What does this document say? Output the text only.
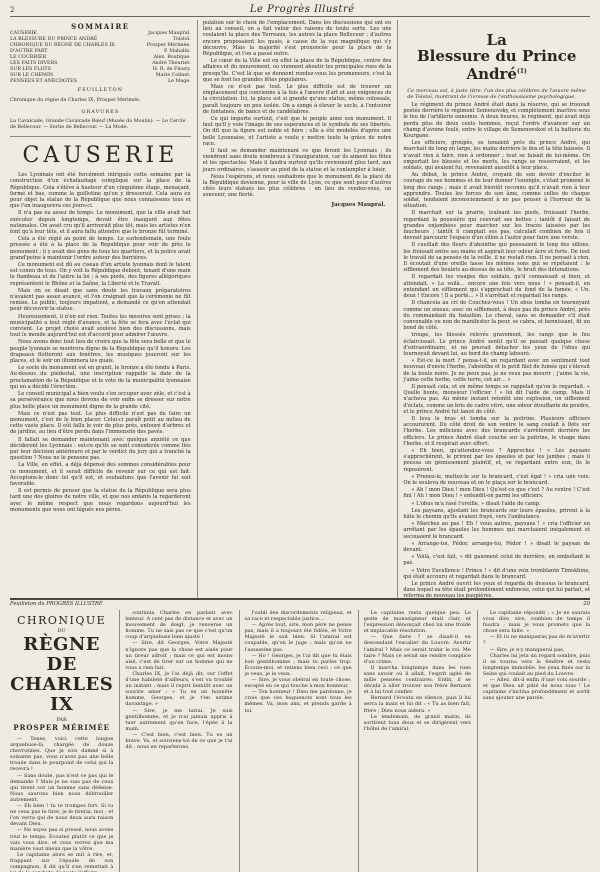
2	Le Progrès Illustré
SOMMAIRE
CAUSERIE	Jacques Maupral.
LA BLESSURE DU PRINCE ANDRÉ	Tolstoï.
CHRONIQUE DU RÈGNE DE CHARLES IX	Prosper Mérimée.
D'AUTRE PART	P. Mahalin.
LE COURRIER	Alex. Boutique.
LES FAITS DIVERS	André Theuriet.
SUR LES FLOTS	H. R. de Fleury.
SUR LE CHEMIN	Marie Colinet.
PENSÉES ET ANECDOTES	Le Mage.
FEUILLETON

Chronique du règne de Charles IX, Prosper Mérimée.

GRAVURES

La Cavalcade, Grande Cavalcade Bœuf (Musée du Moulin). — Le Cercle de Bellecour. — Sortie de Bellecour. — La Mode.

CAUSERIE

Les Lyonnais ont été forcément intrigués cette semaine par la construction d'un échafaudage compliqué sur la place de la République. Cela s'élève à hauteur d'un cinquième étage, menaçant, fermé et bas, comme la guillotine qu'on y dresserait. Cela aura eu pour objet la statue de la République que nous connaissons tous et que l'on inaugurera ces jours-ci.

Il n'a pas eu assez de temps. Le monument, que la ville avait fait exécuter depuis longtemps, devait être inauguré aux fêtes nationales. On avait cru qu'il arriverait plus tôt, mais les artistes n'en font qu'à leur tête, et il aura fallu attendre que le bronze fût terminé.

Cela a été réglé au point de temps. Le surlendemain, une foule pressée a été à la place de la République pour voir de près le monument ; il y avait des gens de tous les quartiers, et la police avait grand'peine à maintenir l'ordre autour des barrières.

Ce monument est dû au ciseau d'un artiste lyonnais dont le talent est connu de tous. On y voit la République debout, tenant d'une main le flambeau et de l'autre la loi ; à ses pieds, des figures allégoriques représentent le Rhône et la Saône, la Liberté et le Travail.

Mais on se disait que sans doute les travaux préparatoires n'avaient pas assez avancé, et l'on craignait que la cérémonie ne fût remise. Le public, toujours impatient, a demandé ce qu'on attendait pour découvrir la statue.

Heureusement, il n'en est rien. Toutes les mesures sont prises ; la municipalité a tout réglé d'avance, et la fête se fera avec l'éclat qui convient. Le projet choisi avait soulevé bien des discussions, mais tout le monde aujourd'hui est d'accord pour admirer l'œuvre.

Nous avons donc tout lieu de croire que la fête sera belle et que le peuple lyonnais se montrera digne de la République qu'il honore. Les drapeaux flotteront aux fenêtres, les musiques joueront sur les places, et le soir on illuminera les quais.

Le socle du monument est en granit, le bronze a été fondu à Paris. Au-dessus du piédestal, une inscription rappelle la date de la proclamation de la République et le vote de la municipalité lyonnaise qui en a décidé l'érection.

Le conseil municipal a bien voulu s'en occuper avec zèle, et c'est à sa persévérance que nous devons de voir enfin se dresser sur notre plus belle place un monument digne de la grande cité.

Mais ce n'est pas tout. Le plus difficile n'est pas de faire un monument, c'est de le bien placer. Celui-ci paraît petit au milieu de cette vaste place. Il eût fallu le voir de plus près, entouré d'arbres et de jardins, au lieu d'être perdu dans l'immensité des pavés.

Il fallait se demander maintenant avec quelque anxiété ce que décideront les Lyonnais : est-ce qu'ils se sont considérés comme liés par leur décision antérieure et par le verdict du jury qui a tranché la question ? Nous ne le pensons pas.

La Ville, en effet, a déjà dépensé des sommes considérables pour ce monument, et il serait difficile de revenir sur ce qui est fait. Acceptons-le donc tel qu'il est, et souhaitons que l'avenir lui soit favorable.

Il est permis de penser que la statue de la République sera plus tard une des gloires de notre ville, et que nos enfants la regarderont avec le même respect que nous regardons aujourd'hui les monuments que nous ont légués nos pères.

pulation sur le choix de l'emplacement. Dans les discussions qui ont eu lieu au conseil, on a fait valoir des raisons de toute sorte. Les uns voulaient la place des Terreaux, les autres la place Bellecour ; d'autres encore proposaient les quais, à cause de la vue magnifique qui s'y découvre. Mais la majorité s'est prononcée pour la place de la République, et l'on a passé outre.

Le cœur de la Ville est en effet la place de la République, centre des affaires et du mouvement, où viennent aboutir les principales rues de la presqu'île. C'est là que se donnent rendez-vous les promeneurs, c'est là que se font les grandes fêtes populaires.

Mais ce n'est pas tout. Le plus difficile est de trouver un emplacement qui convienne à la fois à l'œuvre d'art et aux exigences de la circulation. Ici, la place est si grande qu'une statue, même colossale, paraît toujours un peu isolée. On a songé à élever le socle, à l'entourer de fontaines, de bancs et de candélabres.

Ce qui importe surtout, c'est que le peuple aime son monument. Il faut qu'il y voie l'image de ses espérances et le symbole de ses libertés. On dit que la figure est noble et fière ; elle a été modelée d'après une belle Lyonnaise, et l'artiste a voulu y mettre toute la grâce de notre race.

Il faut se demander maintenant ce que feront les Lyonnais ; ils viendront sans doute nombreux à l'inauguration, car ils aiment les fêtes et les spectacles. Mais il faudra surtout qu'ils reviennent plus tard, aux jours ordinaires, s'asseoir au pied de la statue et la contempler à loisir.

Nous l'espérons, et nous souhaitons que le monument de la place de la République devienne, pour la ville de Lyon, ce que sont pour d'autres cités leurs statues les plus célèbres : un lieu de rendez-vous, un souvenir, une fierté.

Jacques Maupral.
La
Blessure du Prince André$^{(1)}$

Ce morceau est, à juste titre, l'un des plus célèbres de l'œuvre même de Tolstoï, montrant de l'ivresse de l'enthousiasme psychologique.

Le régiment du prince André était dans la réserve, qui se trouvait postée derrière le régiment Semenovsky, et complètement inactive sous le feu de l'artillerie ennemie. A deux heures, le régiment, qui avait déjà perdu plus de deux cents hommes, reçut l'ordre d'avancer sur un champ d'avoine foulé, entre le village de Semenovskoé et la batterie du Kourgane.

Les officiers, groupés, se tenaient près du prince André, qui marchait de long en large, les mains derrière le dos et la tête baissée. Il n'avait rien à faire, rien à ordonner ; tout se faisait de lui-même. On emportait les blessés et les morts, les rangs se resserraient, et les soldats, qui avaient fui, revenaient aussitôt à leur place.

Au début, le prince André, croyant de son devoir d'exciter le courage de ses hommes et de leur donner l'exemple, s'était promené le long des rangs ; mais il avait bientôt reconnu qu'il n'avait rien à leur apprendre. Toutes les forces de son âme, comme celles de chaque soldat, tendaient inconsciemment à ne pas penser à l'horreur de la situation.

Il marchait sur la prairie, traînant les pieds, froissant l'herbe, regardant la poussière qui couvrait ses bottes ; tantôt il faisait de grandes enjambées pour marcher sur les traces laissées par les faucheurs ; tantôt il comptait ses pas, calculait combien de fois il devrait parcourir l'espace d'un sillon à l'autre pour faire une verste.

Il cueillait des fleurs d'absinthe qui poussaient le long des sillons, les froissait entre ses mains et aspirait leur odeur âcre et forte. De tout le travail de sa pensée de la veille, il ne restait rien. Il ne pensait à rien. Il écoutait d'une oreille lasse les mêmes sons qui se répétaient : le sifflement des boulets au-dessus de sa tête, le bruit des détonations.

Il regardait les visages des soldats, qu'il connaissait si bien, et attendait. « Le voilà… encore une fois vers nous ! » pensait-il, en entendant un sifflement qui s'approchait du fond de la fumée. « Un, deux ! Encore ! Il a porté… » Il s'arrêtait et regardait les rangs.

Il chancela au cri de Couchez-vous ! Un obus tomba en tournoyant comme un oiseau, avec un sifflement, à deux pas du prince André, près du commandant du bataillon. Le cheval, sans se demander s'il était convenable ou non de manifester la peur, se cabra, et hennissant, fit un bond de côté.

troupe, les blessés relevés gravement, les rangs que le feu éclaircissait. Le prince André sentit qu'il se passait quelque chose d'extraordinaire, et ne pouvait détacher les yeux de l'obus qui tournoyait devant lui, au bord du champ labouré.

« Est-ce la mort ? pensa-t-il, en regardant avec un sentiment tout nouveau d'envie l'herbe, l'absinthe et le petit filet de fumée qui s'élevait de la boule noire. Je ne peux pas, je ne veux pas mourir ; j'aime la vie, j'aime cette herbe, cette terre, cet air… »

Il pensait cela, et en même temps se rappelait qu'on le regardait. « Quelle honte, monsieur l'officier ! » lui dit l'aide de camp. Mais il n'acheva pas. Au même instant retentit une explosion, un sifflement d'éclats, comme un bris de cadre vitré, une odeur étouffante de poudre, et le prince André fut lancé de côté.

Il leva le bras et tomba sur la poitrine. Plusieurs officiers accoururent. Du côté droit de son ventre le sang coulait à flots sur l'herbe. Les miliciens avec des brancards s'arrêtèrent derrière les officiers. Le prince André était couché sur la poitrine, le visage dans l'herbe, et il respirait avec effort.

« Eh bien, qu'attendez-vous ? Approchez ! » Les paysans s'approchèrent, le prirent par les épaules et par les jambes ; mais il poussa un gémissement plaintif, et, se regardant entre eux, ils le reposèrent.

« Prenez-le, mettez-le sur le brancard, c'est égal ! » cria une voix. On le souleva de nouveau et on le plaça sur le brancard.

« Ah ! mon Dieu ! mon Dieu ! Qu'est-ce que c'est ? Au ventre ! C'est fini ! Ah ! mon Dieu ! » entendit-on parmi les officiers.

« L'obus m'a rasé l'oreille, » disait l'aide de camp.

Les paysans, ajustant les brancards sur leurs épaules, prirent à la hâte le chemin qu'ils avaient frayé, vers l'ambulance.

« Marchez au pas ! Eh ! vous autres, paysans ! » cria l'officier en arrêtant par les épaules les hommes qui marchaient inégalement et secouaient le brancard.

« Arrange-toi, Fédor, arrange-toi, Fédor ! » disait le paysan de devant.

« Voilà, c'est fait, » dit gaiement celui de derrière, en emboîtant le pas.

« Votre Excellence ! Prince ! » dit d'une voix tremblante Timokhine, qui était accouru et regardait dans le brancard.

Le prince André ouvrit les yeux et regarda de dessous le brancard, dans lequel sa tête était profondément enfoncée, celui qui lui parlait, et referma de nouveau les paupières.

Feuilleton du PROGRÈS ILLUSTRÉ	20
CHRONIQUE
DU
RÈGNE DE CHARLES IX
PAR
PROSPER MÉRIMÉE

— Tenez, voici cette longue arquebuse-là, chargée de douze chevrotines. Que je sois damné si à soixante pas, vous n'avez pas une belle trouée dans le pourpoint de celui qui la recevra !

— Sans doute, pas n'est ce pas qui le demande ? Mais je ne suis pas de ceux qui tirent sur un homme sans défense. Nous saurons bien nous débrouiller autrement.

— Eh bien ! tu te trompes fort. Si tu ne veux pas le tirer, je le tirerai, moi ; et l'on verra qui de nous deux aura raison devant Dieu.

— Ne soyez pas si pressé, nous avons tout le temps. Écoutez plutôt ce que je vais vous dire, et vous verrez que ma manière vaut mieux que la vôtre.

Le capitaine alors se mit à rire, et, frappant sur l'épaule de son compagnon, il dit qu'il s'en remettait à

continua Charles en parlant avec lenteur. A cent pas de distance et avec un mouvement de doigt, je renverse un homme. Tu ne sais pas ce que c'est qu'un coup d'arquebuse bien ajusté !

— Sire, dit Georges, Votre Majesté n'ignore pas que la chose est aisée pour un tireur adroit ; mais ce qui est moins aisé, c'est de tirer sur un homme qui ne vous a rien fait.

Charles IX, je l'ai déjà dit, sur l'effet d'une habileté d'ailleurs, s'est vu troublé un instant ; mais il reprit bientôt avec un sourire amer : « Tu es un honnête homme, Georges, et je t'en estime davantage. »

— Sire, je me tairai. Je suis gentilhomme, et je n'ai jamais appris à tuer autrement qu'en face, l'épée à la main.

— C'est bien, c'est bien. Tu es un brave. Va, et souviens-toi de ce que je t'ai dit ; nous en reparlerons.

l'oubli des discordements religieux, et sa race et respectable justice…

— Après tout, sire, mon père ne pense pas, mais il a toujours été fidèle, et Votre Majesté le sait bien. Si l'amiral est coupable, qu'on le juge ; mais qu'on ne l'assassine pas.

— Ho ! Georges, je t'ai dit que tu étais bon gentilhomme ; mais tu parles trop. Écoute-moi, et retiens bien ceci : ce que je veux, je le veux.

— Sire, je vous obéirai en toute chose, excepté en ce qui touche à mon honneur.

— Ton honneur ! Dieu me pardonne, je crois que ces huguenots sont tous les mêmes. Va, mon ami, et prends garde à toi.

Le capitaine resta quelque peu. Le geste de monseigneur était clair, et l'expression dénonçait chez lui une froide et implacable résolution.

— Que faire ? se disait-il en descendant l'escalier du Louvre. Avertir l'amiral ? Mais ce serait trahir le roi. Me taire ? Mais ce serait me rendre complice d'un crime.

Il marcha longtemps dans les rues sans savoir où il allait, l'esprit agité de mille pensées contraires. Enfin, il se décida à aller trouver son frère Bernard et à lui tout confier.

Bernard l'écouta en silence, puis il lui serra la main et lui dit : « Tu as bien fait, frère ; Dieu nous aidera. »

Le lendemain, de grand matin, ils sortirent tous deux et se dirigèrent vers l'hôtel de l'amiral.

Le capitaine répondit : « Je ne saurais vous dire, sire, combien de temps il faudra ; mais je vous promets que la chose sera faite. »

— Et tu ne manqueras pas de m'avertir ?

— Sire, je n'y manquerai pas.

Charles lui jeta un regard sombre, puis il se tourna vers la fenêtre et resta longtemps immobile, les yeux fixés sur la Seine qui coulait au pied du Louvre.

— Allez, dit-il enfin d'une voix sourde ; et que Dieu ait pitié de nous tous ! Le capitaine s'inclina profondément et sortit sans ajouter une parole.
